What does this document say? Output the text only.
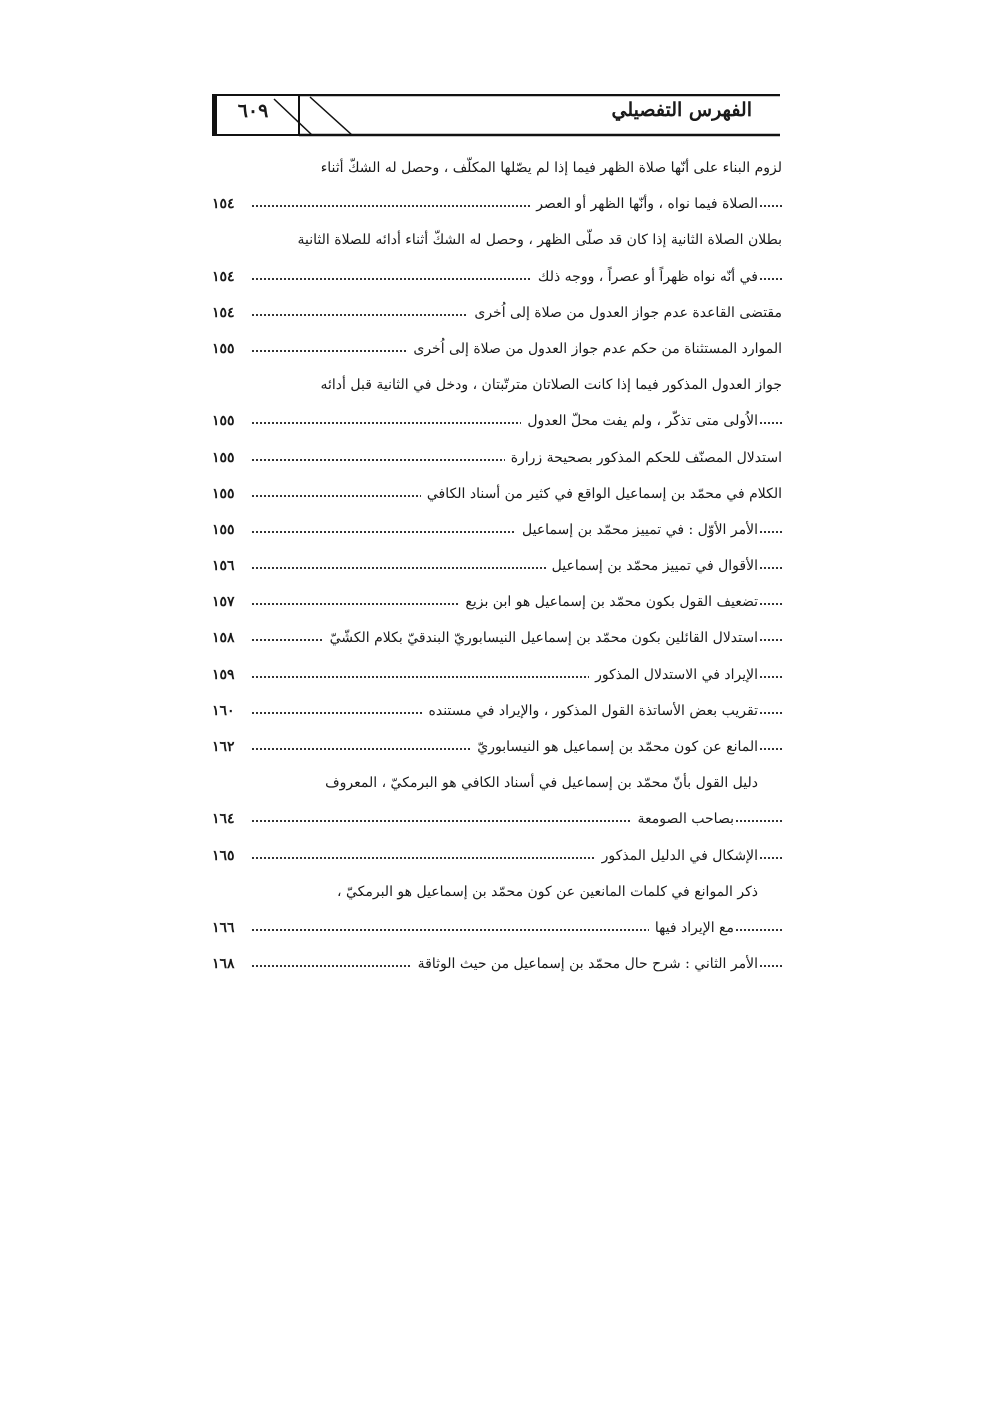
٦٠٩	الفهرس التفصيلي
لزوم البناء على أنّها صلاة الظهر فيما إذا لم يصّلها المكلّف ، وحصل له الشكّ أثناء
الصلاة فيما نواه ، وأنّها الظهر أو العصر
١٥٤
بطلان الصلاة الثانية إذا كان قد صلّى الظهر ، وحصل له الشكّ أثناء أدائه للصلاة الثانية
في أنّه نواه ظهراً أو عصراً ، ووجه ذلك
١٥٤
مقتضى القاعدة عدم جواز العدول من صلاة إلى اُخرى
١٥٤
الموارد المستثناة من حكم عدم جواز العدول من صلاة إلى اُخرى
١٥٥
جواز العدول المذكور فيما إذا كانت الصلاتان مترتّبتان ، ودخل في الثانية قبل أدائه
الاُولى متى تذكّر ، ولم يفت محلّ العدول
١٥٥
استدلال المصنّف للحكم المذكور بصحيحة زرارة
١٥٥
الكلام في محمّد بن إسماعيل الواقع في كثير من أسناد الكافي
١٥٥
الأمر الأوّل : في تمييز محمّد بن إسماعيل
١٥٥
الأقوال في تمييز محمّد بن إسماعيل
١٥٦
تضعيف القول بكون محمّد بن إسماعيل هو ابن بزيع
١٥٧
استدلال القائلين بكون محمّد بن إسماعيل النيسابوريّ البندقيّ بكلام الكشّيّ
١٥٨
الإيراد في الاستدلال المذكور
١٥٩
تقريب بعض الأساتذة القول المذكور ، والإيراد في مستنده
١٦٠
المانع عن كون محمّد بن إسماعيل هو النيسابوريّ
١٦٢
دليل القول بأنّ محمّد بن إسماعيل في أسناد الكافي هو البرمكيّ ، المعروف
بصاحب الصومعة
١٦٤
الإشكال في الدليل المذكور
١٦٥
ذكر الموانع في كلمات المانعين عن كون محمّد بن إسماعيل هو البرمكيّ ،
مع الإيراد فيها
١٦٦
الأمر الثاني : شرح حال محمّد بن إسماعيل من حيث الوثاقة
١٦٨
